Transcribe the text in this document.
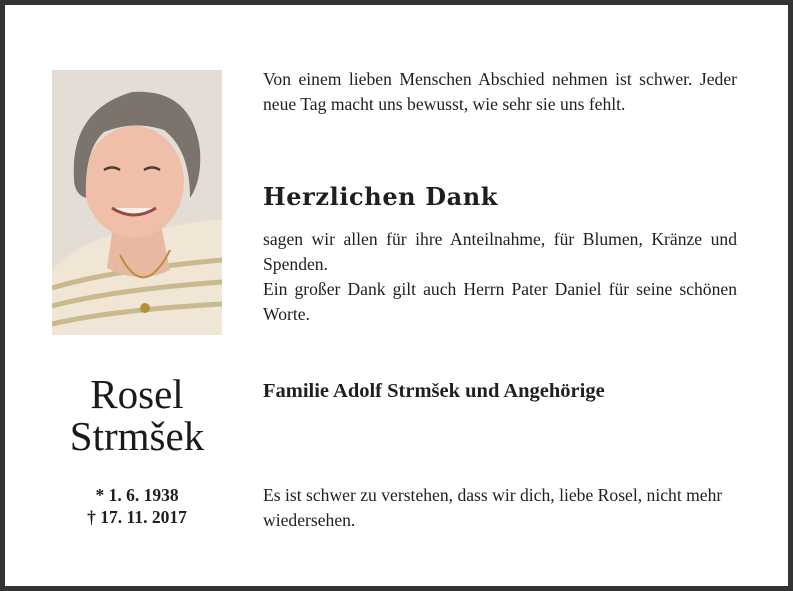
Rosel
Strmšek
* 1. 6. 1938
† 17. 11. 2017
Von einem lieben Menschen Abschied nehmen ist schwer. Jeder neue Tag macht uns bewusst, wie sehr sie uns fehlt.
Herzlichen Dank
sagen wir allen für ihre Anteilnahme, für Blumen, Kränze und Spenden.
Ein großer Dank gilt auch Herrn Pater Daniel für seine schönen Worte.
Familie Adolf Strmšek und Angehörige
Es ist schwer zu verstehen, dass wir dich, liebe Rosel, nicht mehr wiedersehen.
